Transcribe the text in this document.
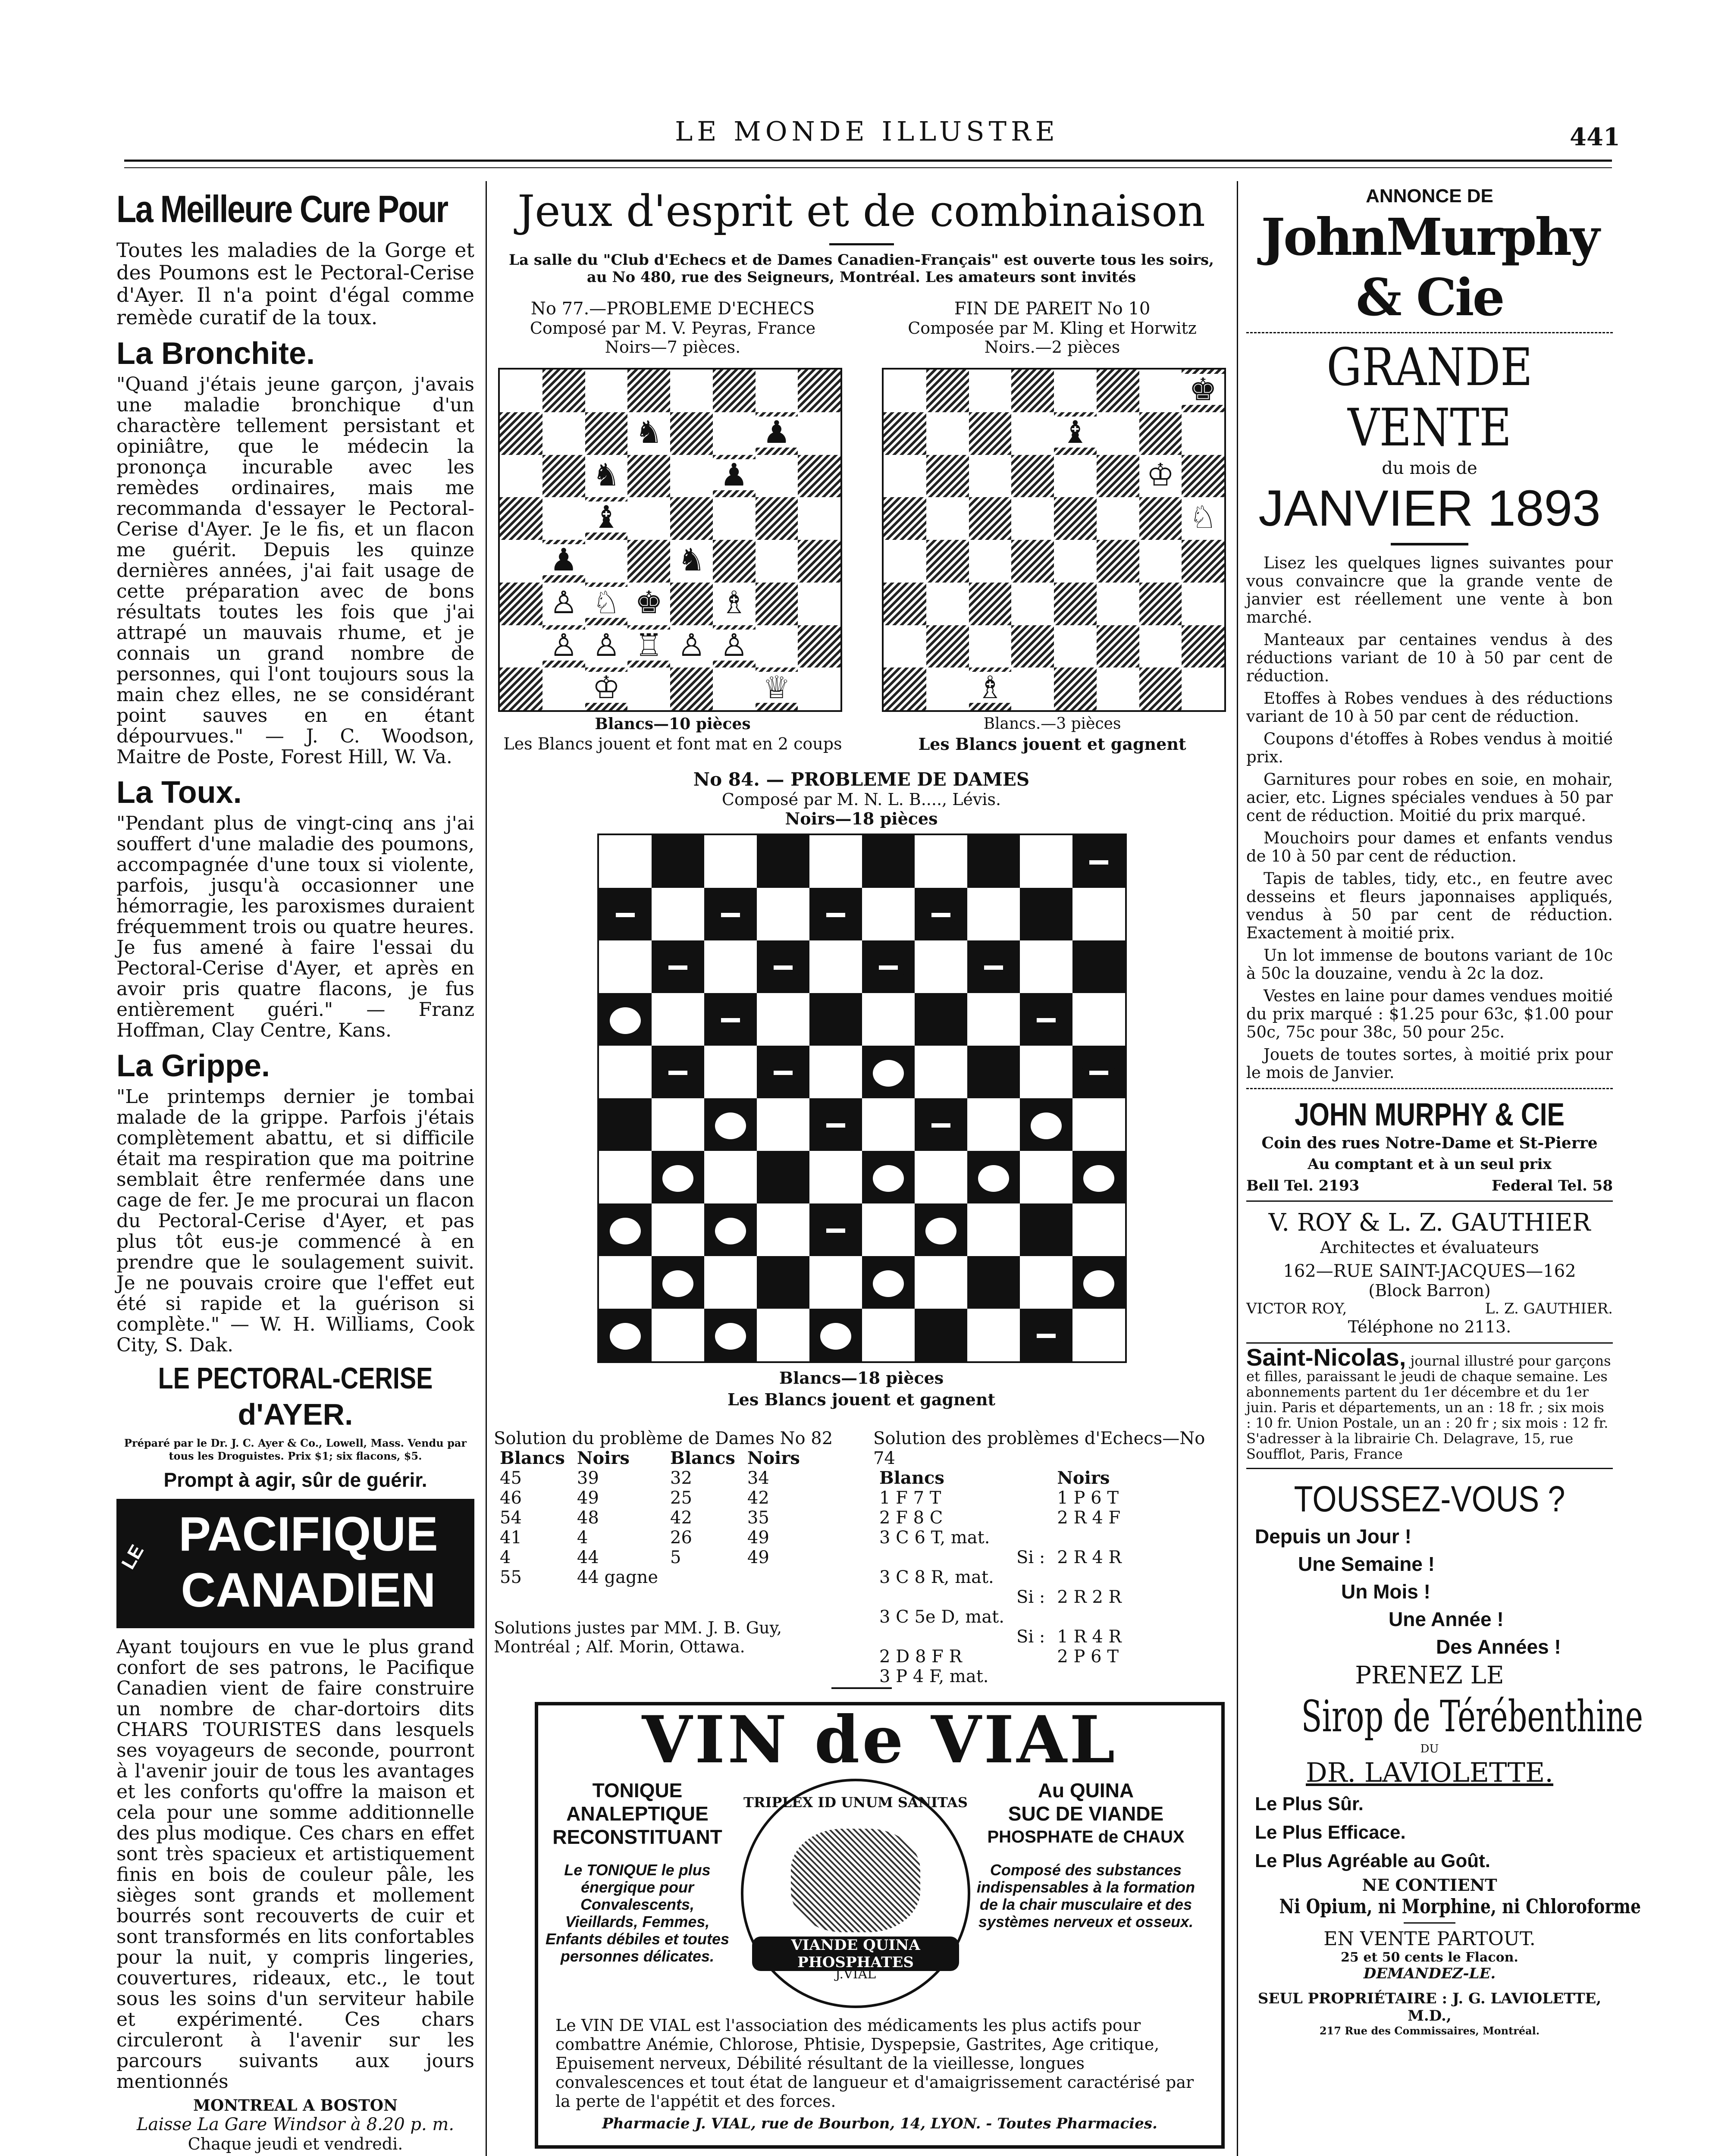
LE MONDE ILLUSTRE	441
La Meilleure Cure Pour

Toutes les maladies de la Gorge et des Poumons est le Pectoral-Cerise d'Ayer. Il n'a point d'égal comme remède curatif de la toux.

La Bronchite.

"Quand j'étais jeune garçon, j'avais une maladie bronchique d'un charactère tellement persistant et opiniâtre, que le médecin la prononça incurable avec les remèdes ordinaires, mais me recommanda d'essayer le Pectoral-Cerise d'Ayer. Je le fis, et un flacon me guérit. Depuis les quinze dernières années, j'ai fait usage de cette préparation avec de bons résultats toutes les fois que j'ai attrapé un mauvais rhume, et je connais un grand nombre de personnes, qui l'ont toujours sous la main chez elles, ne se considérant point sauves en en étant dépourvues." — J. C. Woodson, Maitre de Poste, Forest Hill, W. Va.

La Toux.

"Pendant plus de vingt-cinq ans j'ai souffert d'une maladie des poumons, accompagnée d'une toux si violente, parfois, jusqu'à occasionner une hémorragie, les paroxismes duraient fréquemment trois ou quatre heures. Je fus amené à faire l'essai du Pectoral-Cerise d'Ayer, et après en avoir pris quatre flacons, je fus entièrement guéri." — Franz Hoffman, Clay Centre, Kans.

La Grippe.

"Le printemps dernier je tombai malade de la grippe. Parfois j'étais complètement abattu, et si difficile était ma respiration que ma poitrine semblait être renfermée dans une cage de fer. Je me procurai un flacon du Pectoral-Cerise d'Ayer, et pas plus tôt eus-je commencé à en prendre que le soulagement suivit. Je ne pouvais croire que l'effet eut été si rapide et la guérison si complète." — W. H. Williams, Cook City, S. Dak.

LE PECTORAL-CERISE
d'AYER.
Préparé par le Dr. J. C. Ayer & Co., Lowell, Mass. Vendu par tous les Droguistes. Prix $1; six flacons, $5.
Prompt à agir, sûr de guérir.
LE PACIFIQUE
CANADIEN

Ayant toujours en vue le plus grand confort de ses patrons, le Pacifique Canadien vient de faire construire un nombre de char-dortoirs dits CHARS TOURISTES dans lesquels ses voyageurs de seconde, pourront à l'avenir jouir de tous les avantages et les conforts qu'offre la maison et cela pour une somme additionnelle des plus modique. Ces chars en effet sont très spacieux et artistiquement finis en bois de couleur pâle, les sièges sont grands et mollement bourrés sont recouverts de cuir et sont transformés en lits confortables pour la nuit, y compris lingeries, couvertures, rideaux, etc., le tout sous les soins d'un serviteur habile et expérimenté. Ces chars circuleront à l'avenir sur les parcours suivants aux jours mentionnés

MONTREAL A BOSTON
Laisse La Gare Windsor à 8.20 p. m.
Chaque jeudi et vendredi.

Jeux d'esprit et de combinaison
La salle du "Club d'Echecs et de Dames Canadien-Français" est ouverte tous les soirs, au No 480, rue des Seigneurs, Montréal. Les amateurs sont invités
No 77.—PROBLEME D'ECHECS
Composé par M. V. Peyras, France
Noirs—7 pièces.
♞	♟
♞	♟
♝
♟	♞
♙ ♘ ♚ ♗
♙ ♙ ♖ ♙ ♙
♔	♕
Blancs—10 pièces
Les Blancs jouent et font mat en 2 coups
FIN DE PAREIT No 10
Composée par M. Kling et Horwitz
Noirs.—2 pièces
♚
♝
♔
♘
♗
Blancs.—3 pièces
Les Blancs jouent et gagnent
No 84. — PROBLEME DE DAMES
Composé par M. N. L. B...., Lévis.
Noirs—18 pièces
Blancs—18 pièces
Les Blancs jouent et gagnent
Solution du problème de Dames No 82
Blancs	Noirs	Blancs	Noirs
45	39	32	34
46	49	25	42
54	48	42	35
41	4	26	49
4	44	5	49
55	44 gagne		
Solution des problèmes d'Echecs—No 74
Blancs		Noirs
1 F 7 T		1 P 6 T
2 F 8 C		2 R 4 F
3 C 6 T, mat.		
	Si :	2 R 4 R
3 C 8 R, mat.		
	Si :	2 R 2 R
3 C 5e D, mat.		
	Si :	1 R 4 R
2 D 8 F R		2 P 6 T
3 P 4 F, mat.		
Solutions justes par MM. J. B. Guy, Montréal ; Alf. Morin, Ottawa.
VIN de VIAL
TONIQUE
ANALEPTIQUE
RECONSTITUANT
Le TONIQUE le plus énergique pour Convalescents, Vieillards, Femmes, Enfants débiles et toutes personnes délicates.
TRIPLEX ID UNUM SANITAS
VIANDE QUINA PHOSPHATES
J.VIAL
Au QUINA
SUC DE VIANDE
PHOSPHATE de CHAUX
Composé des substances indispensables à la formation de la chair musculaire et des systèmes nerveux et osseux.
Le VIN DE VIAL est l'association des médicaments les plus actifs pour combattre Anémie, Chlorose, Phtisie, Dyspepsie, Gastrites, Age critique, Epuisement nerveux, Débilité résultant de la vieillesse, longues convalescences et tout état de langueur et d'amaigrissement caractérisé par la perte de l'appétit et des forces.
Pharmacie J. VIAL, rue de Bourbon, 14, LYON. - Toutes Pharmacies.
ANNONCE DE
JohnMurphy & Cie
GRANDE VENTE
du mois de
JANVIER 1893

Lisez les quelques lignes suivantes pour vous convaincre que la grande vente de janvier est réellement une vente à bon marché.

Manteaux par centaines vendus à des réductions variant de 10 à 50 par cent de réduction.

Etoffes à Robes vendues à des réductions variant de 10 à 50 par cent de réduction.

Coupons d'étoffes à Robes vendus à moitié prix.

Garnitures pour robes en soie, en mohair, acier, etc. Lignes spéciales vendues à 50 par cent de réduction. Moitié du prix marqué.

Mouchoirs pour dames et enfants vendus de 10 à 50 par cent de réduction.

Tapis de tables, tidy, etc., en feutre avec desseins et fleurs japonnaises appliqués, vendus à 50 par cent de réduction. Exactement à moitié prix.

Un lot immense de boutons variant de 10c à 50c la douzaine, vendu à 2c la doz.

Vestes en laine pour dames vendues moitié du prix marqué : $1.25 pour 63c, $1.00 pour 50c, 75c pour 38c, 50 pour 25c.

Jouets de toutes sortes, à moitié prix pour le mois de Janvier.

JOHN MURPHY & CIE
Coin des rues Notre-Dame et St-Pierre
Au comptant et à un seul prix
Bell Tel. 2193	Federal Tel. 58
V. ROY & L. Z. GAUTHIER
Architectes et évaluateurs
162—RUE SAINT-JACQUES—162
(Block Barron)
VICTOR ROY,	L. Z. GAUTHIER.
Téléphone no 2113.
Saint-Nicolas, journal illustré pour garçons et filles, paraissant le jeudi de chaque semaine. Les abonnements partent du 1er décembre et du 1er juin. Paris et départements, un an : 18 fr. ; six mois : 10 fr. Union Postale, un an : 20 fr ; six mois : 12 fr. S'adresser à la librairie Ch. Delagrave, 15, rue Soufflot, Paris, France
TOUSSEZ-VOUS ?
Depuis un Jour !
Une Semaine !
Un Mois !
Une Année !
Des Années !
PRENEZ LE
Sirop de Térébenthine
DU
DR. LAVIOLETTE.
Le Plus Sûr.
Le Plus Efficace.
Le Plus Agréable au Goût.
NE CONTIENT
Ni Opium, ni Morphine, ni Chloroforme
EN VENTE PARTOUT.
25 et 50 cents le Flacon.
DEMANDEZ-LE.
SEUL PROPRIÉTAIRE : J. G. LAVIOLETTE, M.D.,
217 Rue des Commissaires, Montréal.
